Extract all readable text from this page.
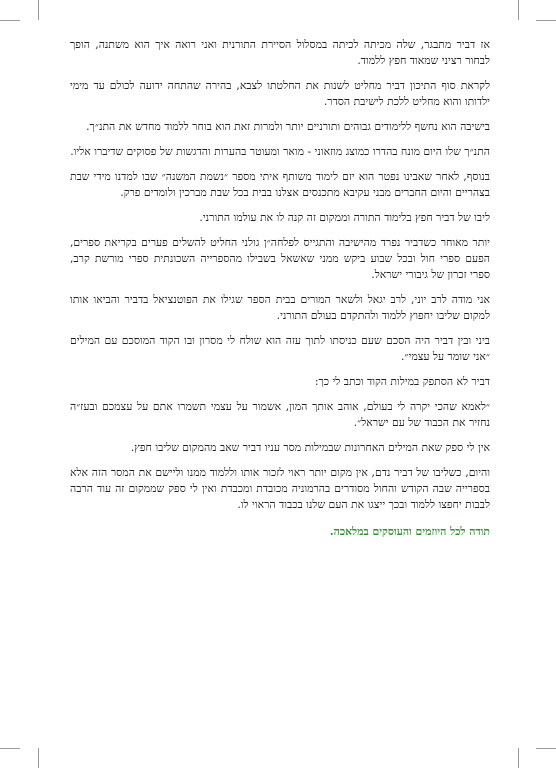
אז דביר מתבגר, שלה מכיתה לכיתה במסלול הסיירת התורנית ואני רואה איך הוא משתנה, הופך לבחור רציני שמאוד חפץ ללמוד.

לקראת סוף התיכון דביר מחליט לשנות את החלטתו לצבא, בהירה שהתחה ידועה לכולם עד מימי ילדותו והוא מחליט ללכת לישיבת הסדר.

בישיבה הוא נחשף ללימודים גבוהים ותורניים יותר ולמרות זאת הוא בוחר ללמוד מחדש את התנ״ך.

התנ״ך שלו היום מונח בהדרו כמוצג מוזאוני - מואר ומעוטר בהערות והדגשות של פסוקים שדיברו אליו.

בנוסף, לאחר שאבינו נפטר הוא יזם לימוד משותף איתי מספר ״נשמת המשנה״ שבו למדנו מידי שבת בצהריים והיום החברים מבני עקיבא מתכנסים אצלנו בבית בכל שבת מברכין ולומדים פרק.

ליבו של דביר חפץ בלימוד התורה וממקום זה קנה לו את עולמו התורני.

יותר מאוחר כשדביר נפרד מהישיבה והתגייס לפלחה״ן גולני החליט להשלים פערים בקריאת ספרים, הפעם ספרי חול ובכל שבוע ביקש ממני שאשאל בשבילו מהספרייה השכונתית ספרי מורשת קרב, ספרי זכרון של גיבורי ישראל.

אני מודה לרב יוני, לרב יגאל ולשאר המורים בבית הספר שגילו את הפוטנציאל בדביר והביאו אותו למקום שליבו יחפוץ ללמוד ולהתקדם בעולם התורני.

ביני ובין דביר היה הסכם שעם כניסתו לתוך עזה הוא שולח לי מסרון ובו הקוד המוסכם עם המילים ״אני שומר על עצמי״.

דביר לא הסתפק במילות הקוד וכתב לי כך:

״לאמא שהכי יקרה לי בעולם, אוהב אותך המון, אשמור על עצמי תשמרו אתם על עצמכם ובעז״ה נחזיר את הכבוד של עם ישראל״.

אין לי ספק שאת המילים האחרונות שבמילות מסר עניו דביר שאב מהמקום שליבו חפץ.

והיום, כשליבו של דביר נדם, אין מקום יותר ראוי לזכור אותו וללמוד ממנו וליישם את המסר הזה אלא בספרייה שבה הקודש והחול מסודרים בהרמוניה מכובדת ומכבדת ואין לי ספק שממקום זה עוד הרבה לבבות יחפצו ללמוד ובכך ייצגו את העם שלנו בכבוד הראוי לו.

תודה לכל היוזמים והעוסקים במלאכה.
